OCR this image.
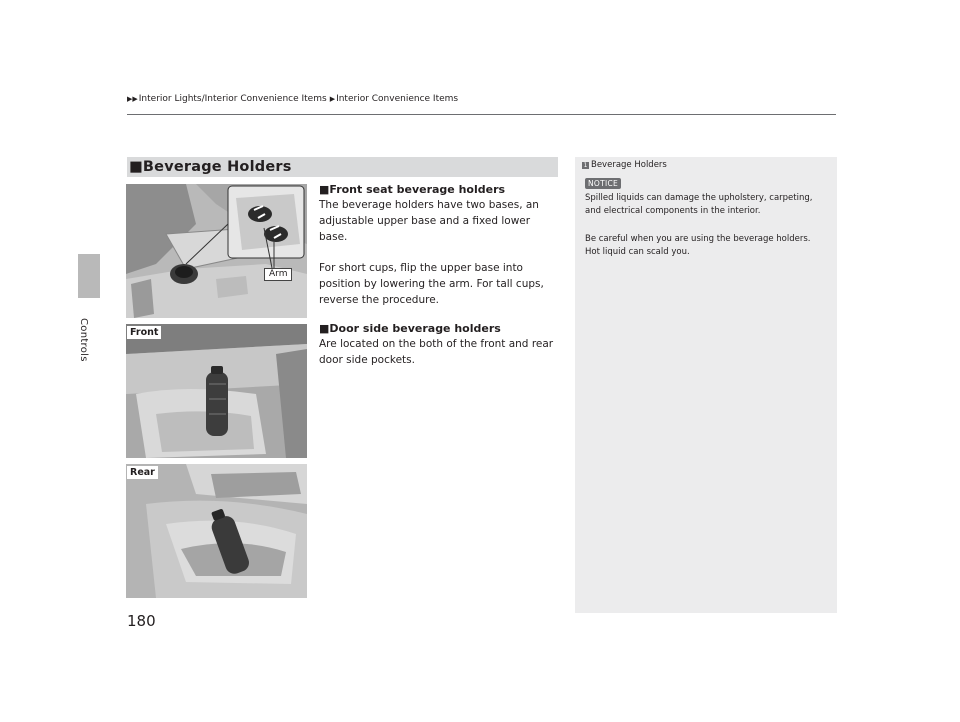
Controls
▶▶ Interior Lights/Interior Convenience Items ▶ Interior Convenience Items
■Beverage Holders
Arm
Front
Rear

■Front seat beverage holders

The beverage holders have two bases, an

adjustable upper base and a fixed lower base.

For short cups, flip the upper base into

position by lowering the arm. For tall cups,

reverse the procedure.

■Door side beverage holders

Are located on the both of the front and rear

door side pockets.

1 Beverage Holders
NOTICE

Spilled liquids can damage the upholstery, carpeting,

and electrical components in the interior.

Be careful when you are using the beverage holders.

Hot liquid can scald you.

180
